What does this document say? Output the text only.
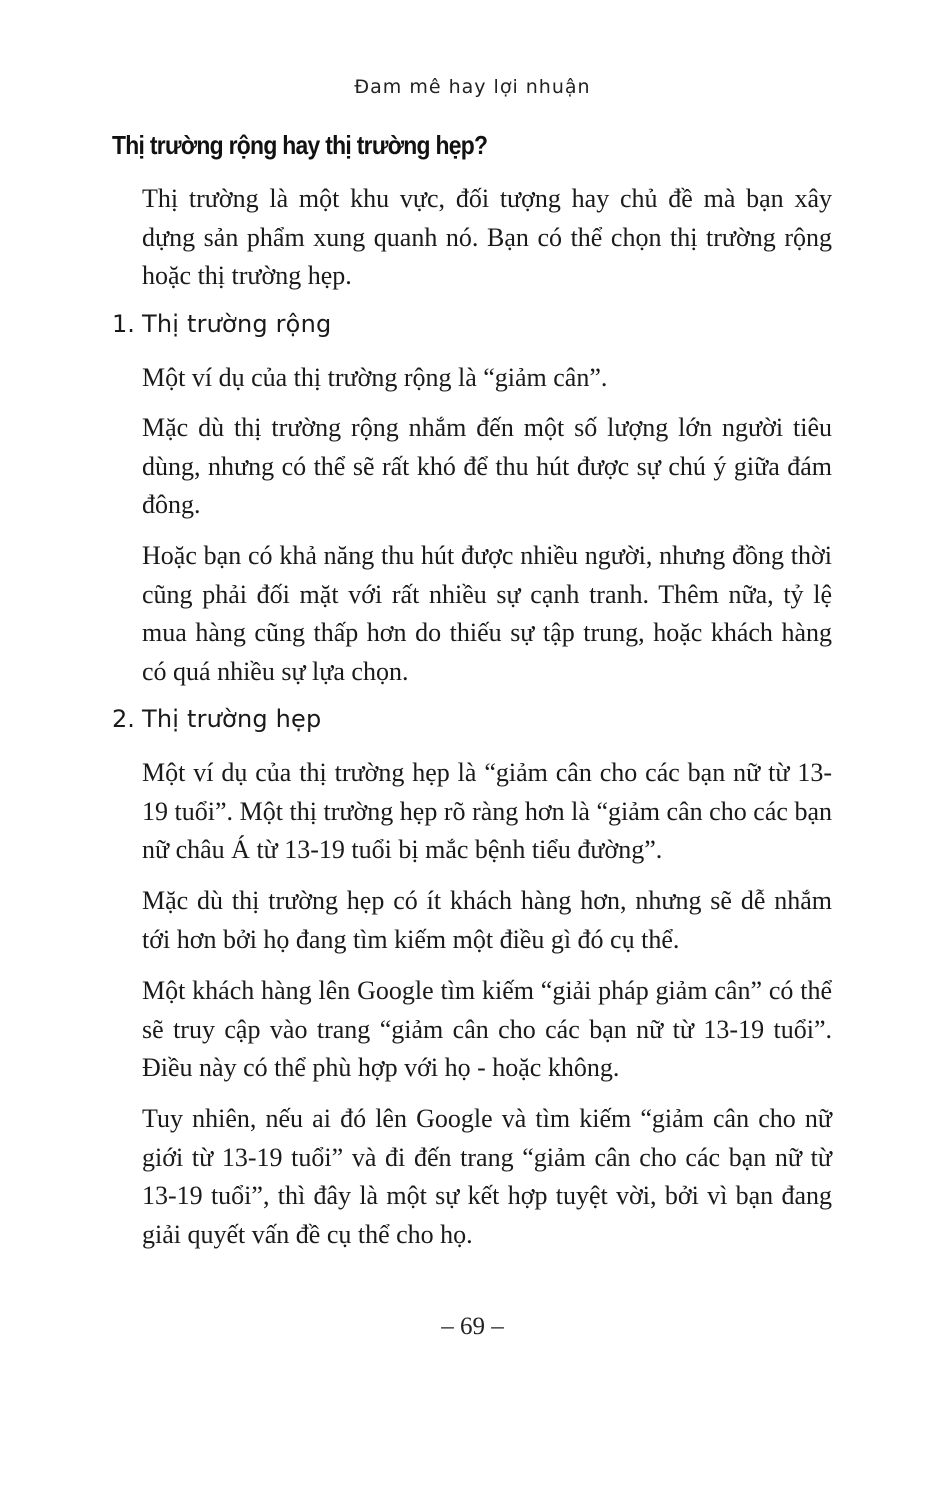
Đam mê hay lợi nhuận
Thị trường rộng hay thị trường hẹp?

Thị trường là một khu vực, đối tượng hay chủ đề mà bạn xây dựng sản phẩm xung quanh nó. Bạn có thể chọn thị trường rộng hoặc thị trường hẹp.

1. Thị trường rộng

Một ví dụ của thị trường rộng là “giảm cân”.

Mặc dù thị trường rộng nhắm đến một số lượng lớn người tiêu dùng, nhưng có thể sẽ rất khó để thu hút được sự chú ý giữa đám đông.

Hoặc bạn có khả năng thu hút được nhiều người, nhưng đồng thời cũng phải đối mặt với rất nhiều sự cạnh tranh. Thêm nữa, tỷ lệ mua hàng cũng thấp hơn do thiếu sự tập trung, hoặc khách hàng có quá nhiều sự lựa chọn.

2. Thị trường hẹp

Một ví dụ của thị trường hẹp là “giảm cân cho các bạn nữ từ 13-19 tuổi”. Một thị trường hẹp rõ ràng hơn là “giảm cân cho các bạn nữ châu Á từ 13-19 tuổi bị mắc bệnh tiểu đường”.

Mặc dù thị trường hẹp có ít khách hàng hơn, nhưng sẽ dễ nhắm tới hơn bởi họ đang tìm kiếm một điều gì đó cụ thể.

Một khách hàng lên Google tìm kiếm “giải pháp giảm cân” có thể sẽ truy cập vào trang “giảm cân cho các bạn nữ từ 13-19 tuổi”. Điều này có thể phù hợp với họ - hoặc không.

Tuy nhiên, nếu ai đó lên Google và tìm kiếm “giảm cân cho nữ giới từ 13-19 tuổi” và đi đến trang “giảm cân cho các bạn nữ từ 13-19 tuổi”, thì đây là một sự kết hợp tuyệt vời, bởi vì bạn đang giải quyết vấn đề cụ thể cho họ.

– 69 –
